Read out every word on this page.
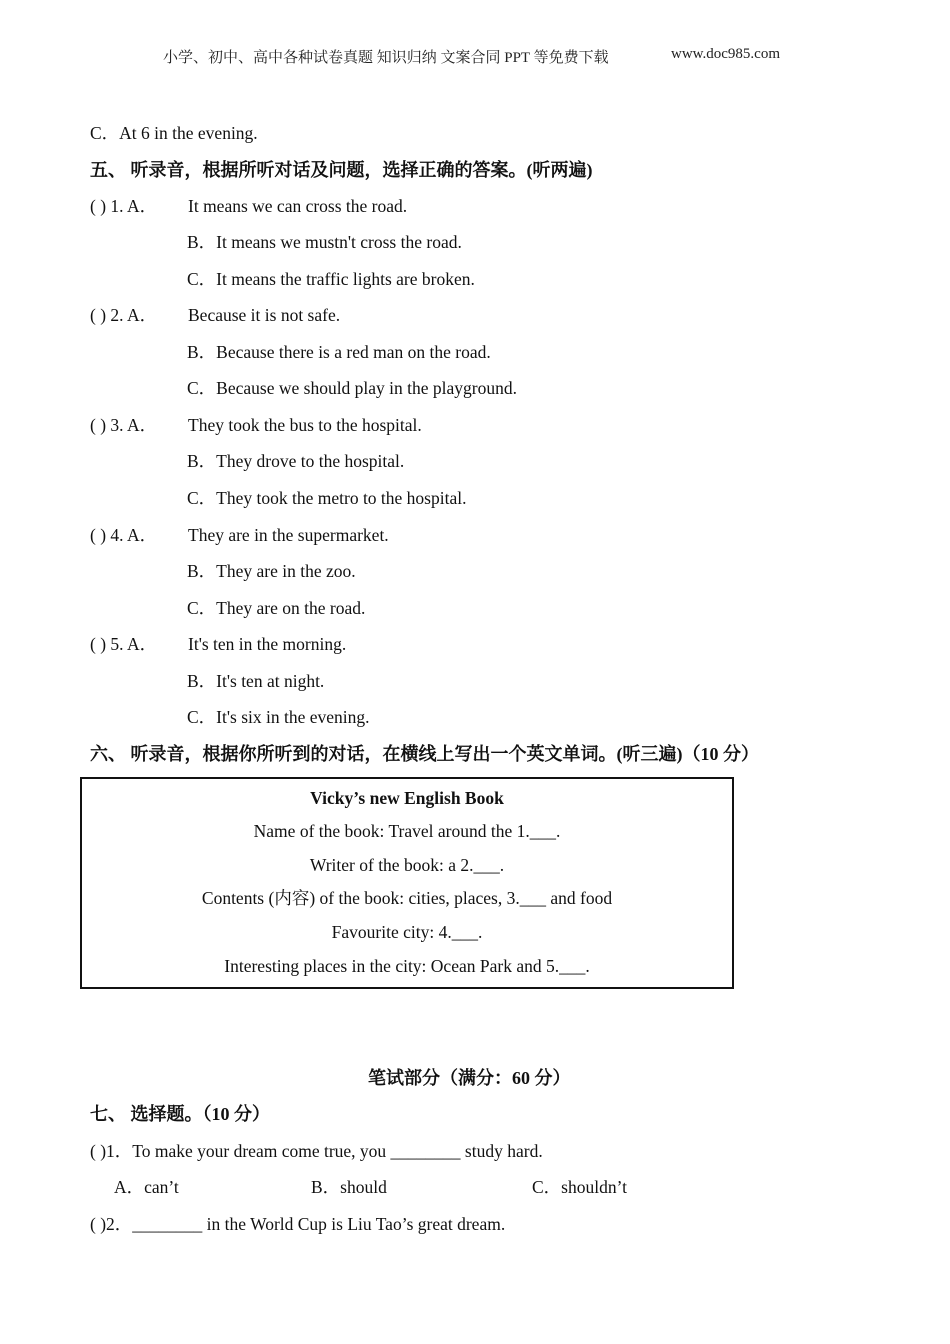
小学、初中、高中各种试卷真题 知识归纳 文案合同 PPT 等免费下载	www.doc985.com
C．At 6 in the evening.
五、 听录音，根据所听对话及问题，选择正确的答案。(听两遍)
( ) 1. A． It means we can cross the road.
B．It means we mustn't cross the road.
C．It means the traffic lights are broken.
( ) 2. A． Because it is not safe.
B．Because there is a red man on the road.
C．Because we should play in the playground.
( ) 3. A． They took the bus to the hospital.
B．They drove to the hospital.
C．They took the metro to the hospital.
( ) 4. A． They are in the supermarket.
B．They are in the zoo.
C．They are on the road.
( ) 5. A． It's ten in the morning.
B．It's ten at night.
C．It's six in the evening.
六、 听录音，根据你所听到的对话，在横线上写出一个英文单词。(听三遍)（10 分）
Vicky’s new English Book
Name of the book: Travel around the 1.___.
Writer of the book: a 2.___.
Contents (内容) of the book: cities, places, 3.___ and food
Favourite city: 4.___.
Interesting places in the city: Ocean Park and 5.___.
笔试部分（满分：60 分）
七、 选择题。（10 分）
( )1．To make your dream come true, you ________ study hard.
A．can’t	B．should	C．shouldn’t
( )2．________ in the World Cup is Liu Tao’s great dream.
